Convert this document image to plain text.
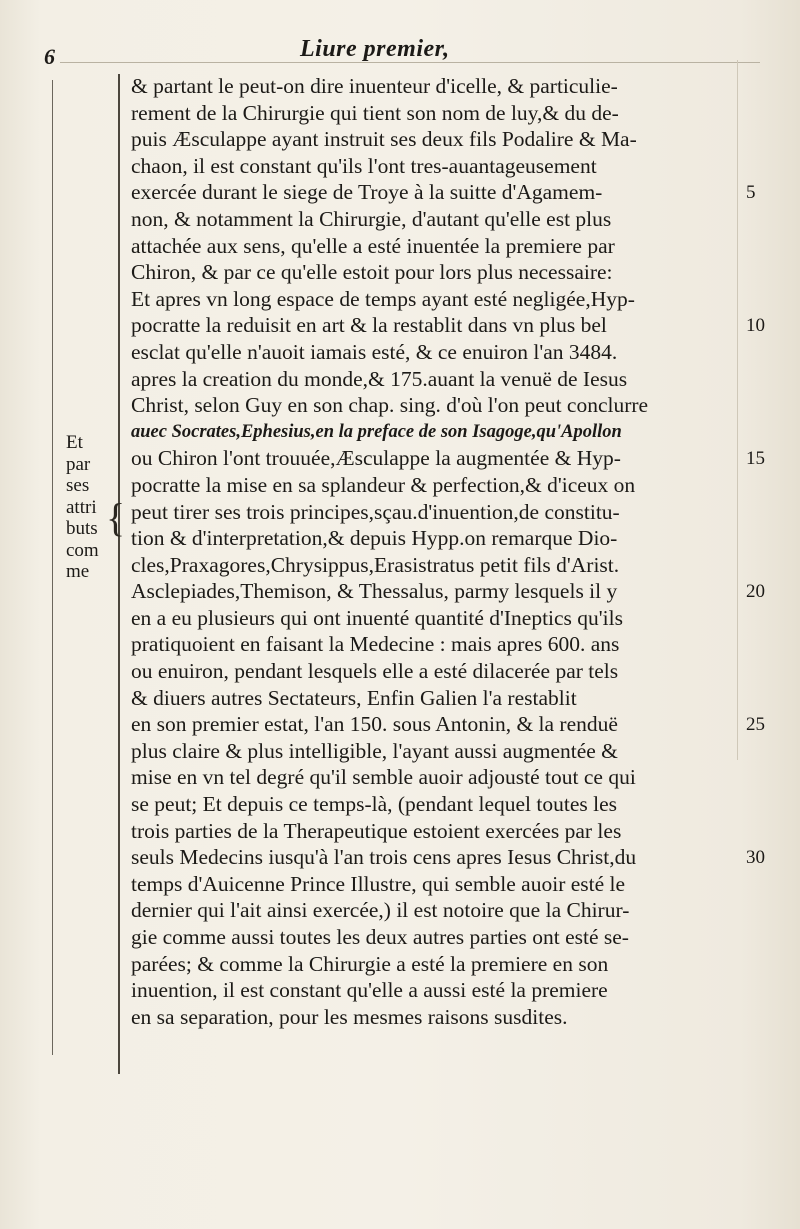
6	Liure premier,
Et
par
ses
attri
buts
com
me
{
& partant le peut-on dire inuenteur d'icelle, & particulie-
rement de la Chirurgie qui tient son nom de luy,& du de-
puis Æsculappe ayant instruit ses deux fils Podalire & Ma-
chaon, il est constant qu'ils l'ont tres-auantageusement
exercée durant le siege de Troye à la suitte d'Agamem-
non, & notamment la Chirurgie, d'autant qu'elle est plus
attachée aux sens, qu'elle a esté inuentée la premiere par
Chiron, & par ce qu'elle estoit pour lors plus necessaire:
Et apres vn long espace de temps ayant esté negligée,Hyp-
pocratte la reduisit en art & la restablit dans vn plus bel
esclat qu'elle n'auoit iamais esté, & ce enuiron l'an 3484.
apres la creation du monde,& 175.auant la venuë de Iesus
Christ, selon Guy en son chap. sing. d'où l'on peut conclurre
auec Socrates,Ephesius,en la preface de son Isagoge,qu'Apollon
ou Chiron l'ont trouuée,Æsculappe la augmentée & Hyp-
pocratte la mise en sa splandeur & perfection,& d'iceux on
peut tirer ses trois principes,sçau.d'inuention,de constitu-
tion & d'interpretation,& depuis Hypp.on remarque Dio-
cles,Praxagores,Chrysippus,Erasistratus petit fils d'Arist.
Asclepiades,Themison, & Thessalus, parmy lesquels il y
en a eu plusieurs qui ont inuenté quantité d'Ineptics qu'ils
pratiquoient en faisant la Medecine : mais apres 600. ans
ou enuiron, pendant lesquels elle a esté dilacerée par tels
& diuers autres Sectateurs, Enfin Galien l'a restablit
en son premier estat, l'an 150. sous Antonin, & la renduë
plus claire & plus intelligible, l'ayant aussi augmentée &
mise en vn tel degré qu'il semble auoir adjousté tout ce qui
se peut; Et depuis ce temps-là, (pendant lequel toutes les
trois parties de la Therapeutique estoient exercées par les
seuls Medecins iusqu'à l'an trois cens apres Iesus Christ,du
temps d'Auicenne Prince Illustre, qui semble auoir esté le
dernier qui l'ait ainsi exercée,) il est notoire que la Chirur-
gie comme aussi toutes les deux autres parties ont esté se-
parées; & comme la Chirurgie a esté la premiere en son
inuention, il est constant qu'elle a aussi esté la premiere
en sa separation, pour les mesmes raisons susdites.
5
10
15
20
25
30
